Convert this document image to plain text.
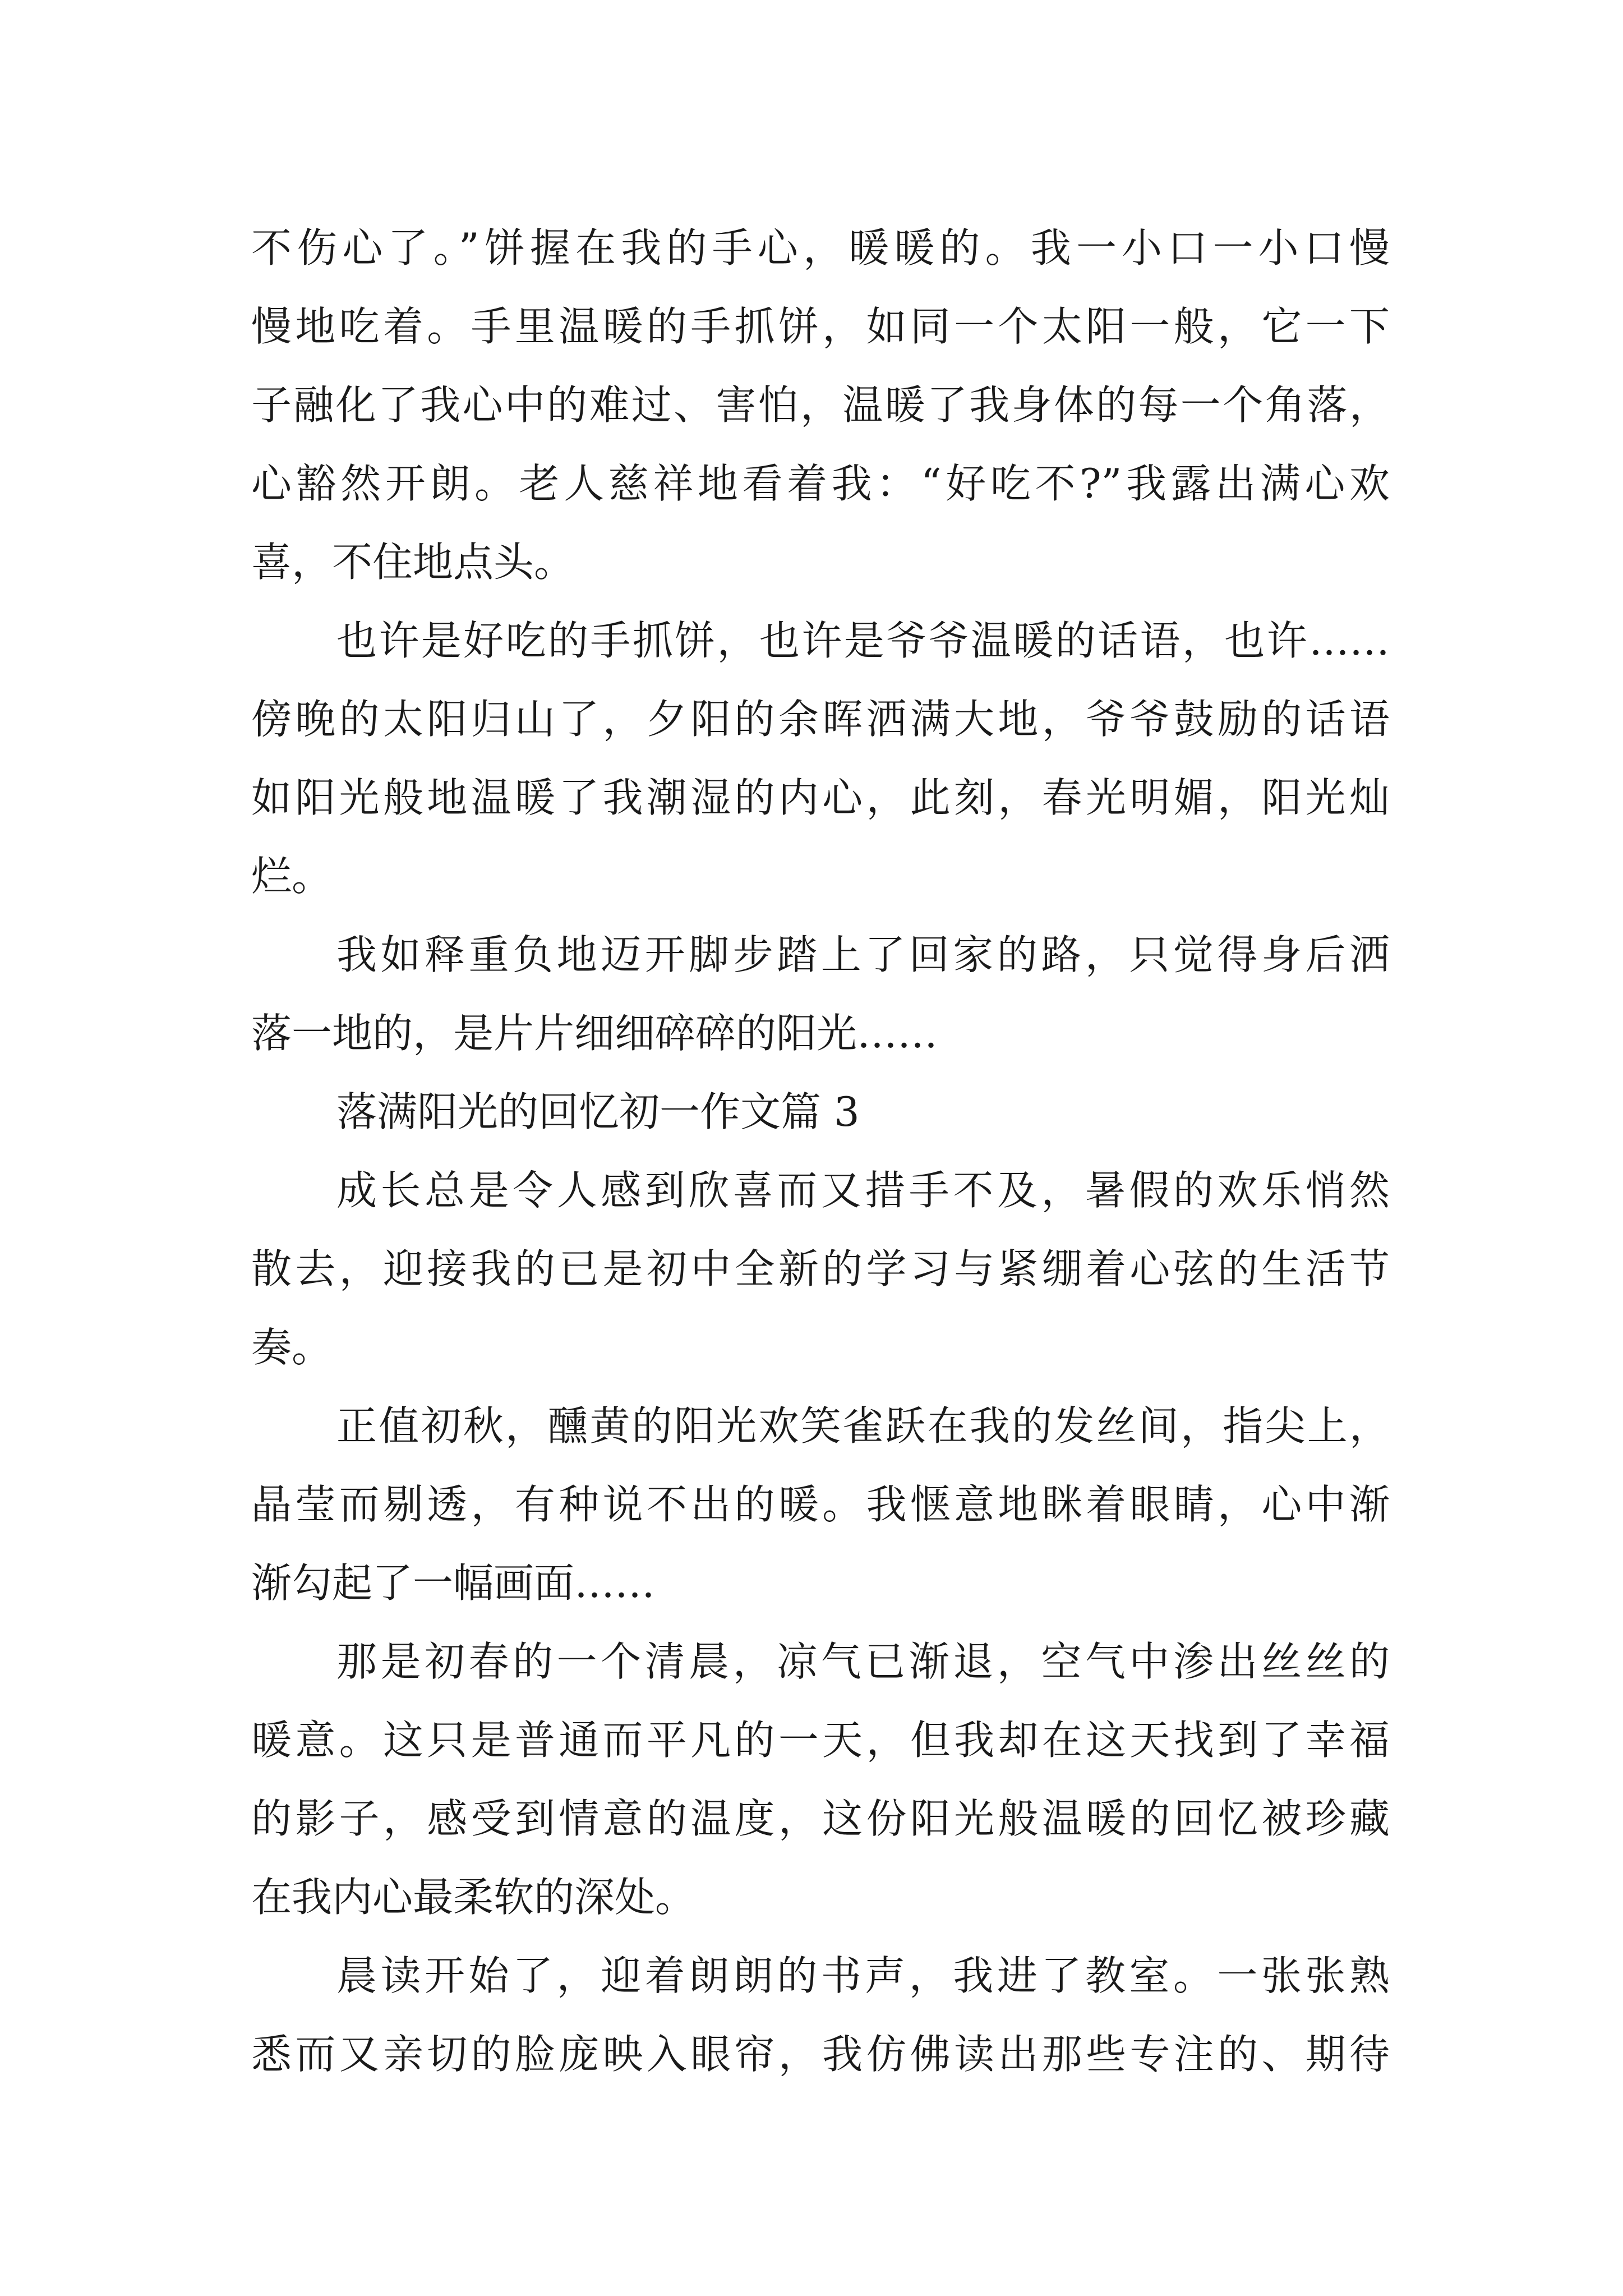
不伤心了。”饼握在我的手心，暖暖的。我一小口一小口慢
慢地吃着。手里温暖的手抓饼，如同一个太阳一般，它一下
子融化了我心中的难过、害怕，温暖了我身体的每一个角落，
心豁然开朗。老人慈祥地看着我：“好吃不?”我露出满心欢
喜，不住地点头。
也许是好吃的手抓饼，也许是爷爷温暖的话语，也许……
傍晚的太阳归山了，夕阳的余晖洒满大地，爷爷鼓励的话语
如阳光般地温暖了我潮湿的内心，此刻，春光明媚，阳光灿
烂。
我如释重负地迈开脚步踏上了回家的路，只觉得身后洒
落一地的，是片片细细碎碎的阳光……
落满阳光的回忆初一作文篇 3
成长总是令人感到欣喜而又措手不及，暑假的欢乐悄然
散去，迎接我的已是初中全新的学习与紧绷着心弦的生活节
奏。
正值初秋，醺黄的阳光欢笑雀跃在我的发丝间，指尖上，
晶莹而剔透，有种说不出的暖。我惬意地眯着眼睛，心中渐
渐勾起了一幅画面……
那是初春的一个清晨，凉气已渐退，空气中渗出丝丝的
暖意。这只是普通而平凡的一天，但我却在这天找到了幸福
的影子，感受到情意的温度，这份阳光般温暖的回忆被珍藏
在我内心最柔软的深处。
晨读开始了，迎着朗朗的书声，我进了教室。一张张熟
悉而又亲切的脸庞映入眼帘，我仿佛读出那些专注的、期待
